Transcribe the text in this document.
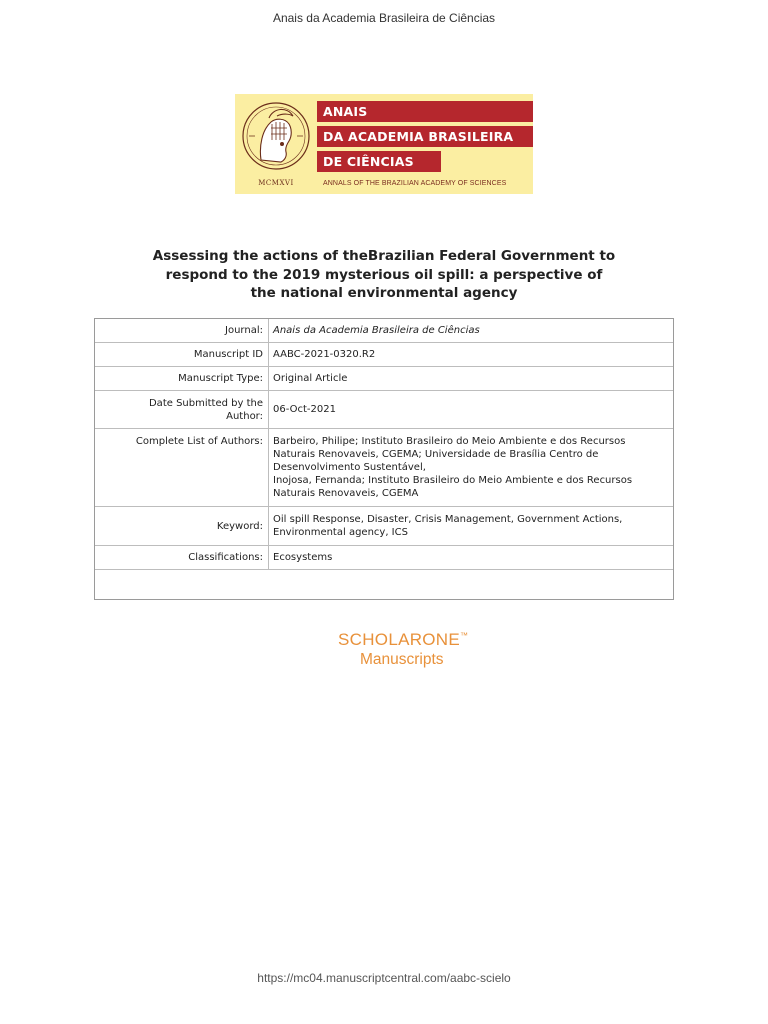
Anais da Academia Brasileira de Ciências
MCMXVI
ANAIS
DA ACADEMIA BRASILEIRA
DE CIÊNCIAS
ANNALS OF THE BRAZILIAN ACADEMY OF SCIENCES
Assessing the actions of theBrazilian Federal Government to
respond to the 2019 mysterious oil spill: a perspective of
the national environmental agency
Journal:	Anais da Academia Brasileira de Ciências
Manuscript ID	AABC-2021-0320.R2
Manuscript Type:	Original Article
Date Submitted by the
Author:
06-Oct-2021
Complete List of Authors:	Barbeiro, Philipe; Instituto Brasileiro do Meio Ambiente e dos Recursos
Naturais Renovaveis, CGEMA; Universidade de Brasília Centro de
Desenvolvimento Sustentável,
Inojosa, Fernanda; Instituto Brasileiro do Meio Ambiente e dos Recursos
Naturais Renovaveis, CGEMA
Keyword:
Oil spill Response, Disaster, Crisis Management, Government Actions,
Environmental agency, ICS
Classifications:	Ecosystems
SCHOLARONE™
Manuscripts
https://mc04.manuscriptcentral.com/aabc-scielo
